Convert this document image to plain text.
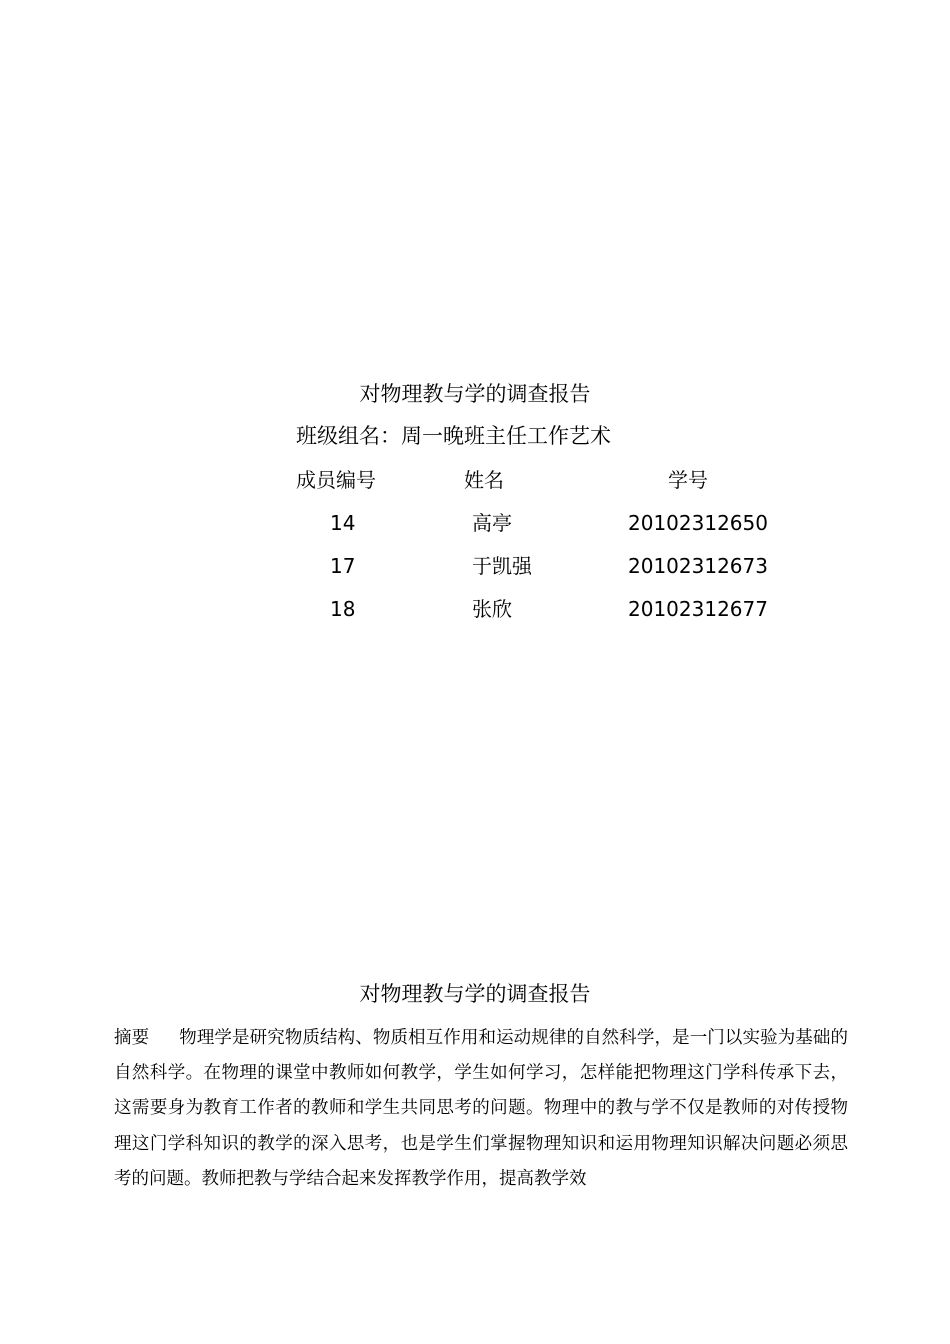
对物理教与学的调查报告
班级组名：周一晚班主任工作艺术
成员编号	姓名	学号
14	高亭	20102312650
17	于凯强	20102312673
18	张欣	20102312677
对物理教与学的调查报告
摘要 物理学是研究物质结构、物质相互作用和运动规律的自然科学，是一门以实验为基础的自然科学。在物理的课堂中教师如何教学，学生如何学习，怎样能把物理这门学科传承下去，这需要身为教育工作者的教师和学生共同思考的问题。物理中的教与学不仅是教师的对传授物理这门学科知识的教学的深入思考，也是学生们掌握物理知识和运用物理知识解决问题必须思考的问题。教师把教与学结合起来发挥教学作用，提高教学效
